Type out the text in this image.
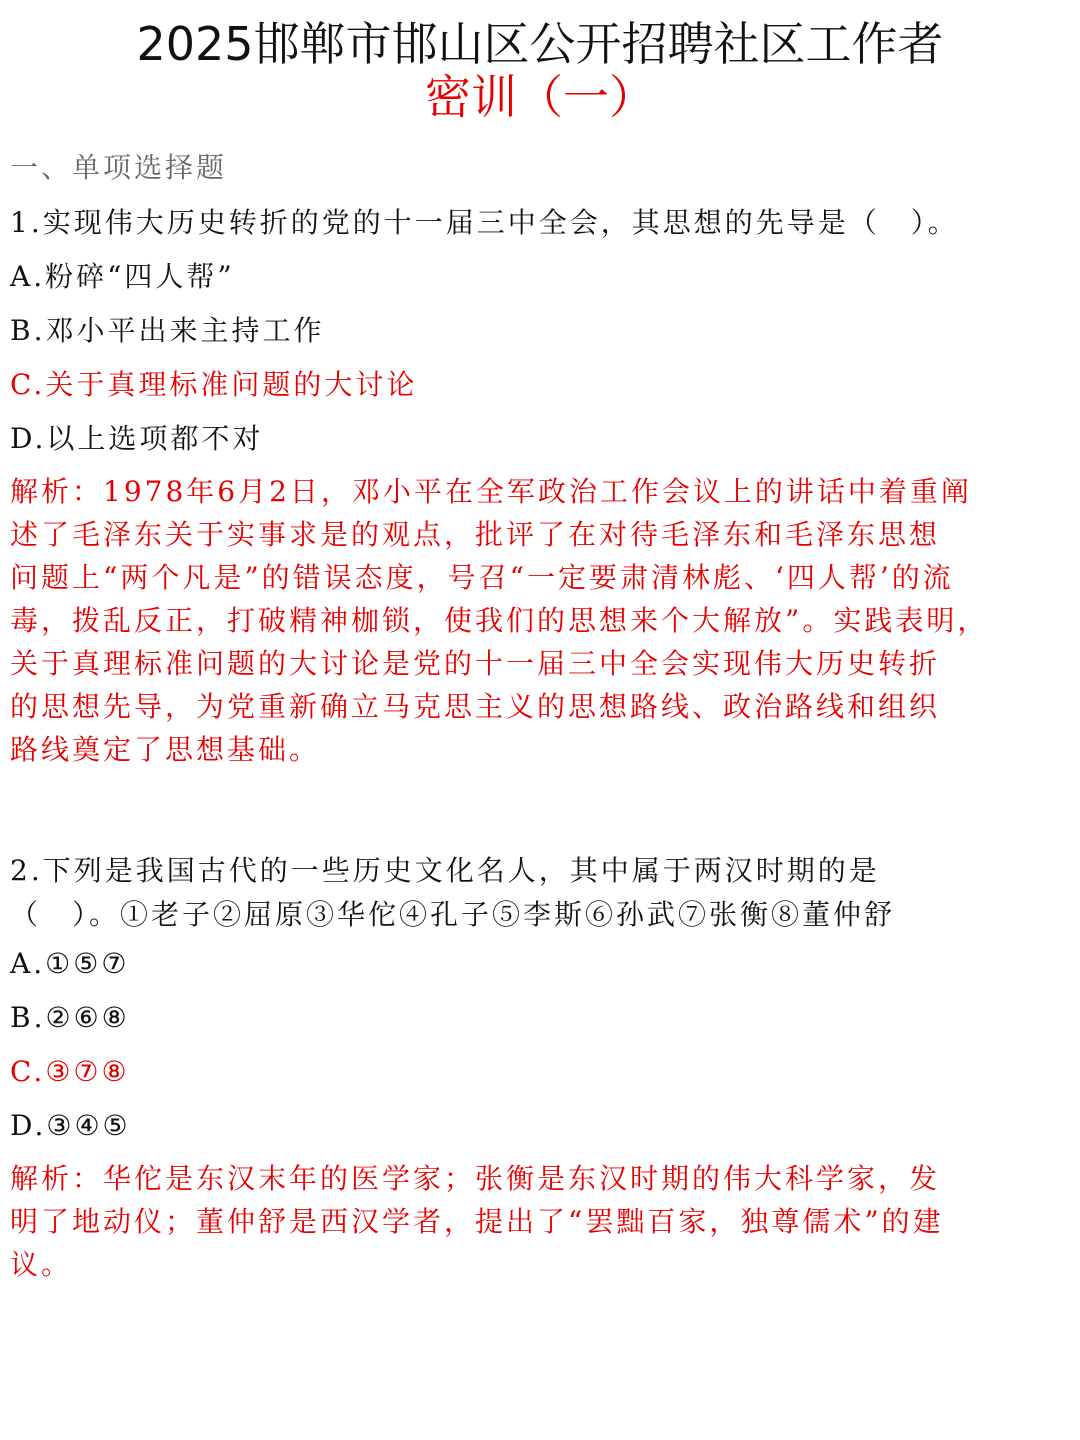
2025邯郸市邯山区公开招聘社区工作者
密训（一）

一、单项选择题

1.实现伟大历史转折的党的十一届三中全会，其思想的先导是（　）。
A.粉碎“四人帮”
B.邓小平出来主持工作
C.关于真理标准问题的大讨论
D.以上选项都不对
解析：1978年6月2日，邓小平在全军政治工作会议上的讲话中着重阐
述了毛泽东关于实事求是的观点，批评了在对待毛泽东和毛泽东思想
问题上“两个凡是”的错误态度，号召“一定要肃清林彪、‘四人帮’的流
毒，拨乱反正，打破精神枷锁，使我们的思想来个大解放”。实践表明，
关于真理标准问题的大讨论是党的十一届三中全会实现伟大历史转折
的思想先导，为党重新确立马克思主义的思想路线、政治路线和组织
路线奠定了思想基础。
2.下列是我国古代的一些历史文化名人，其中属于两汉时期的是
（　）。①老子②屈原③华佗④孔子⑤李斯⑥孙武⑦张衡⑧董仲舒
A.①⑤⑦
B.②⑥⑧
C.③⑦⑧
D.③④⑤
解析：华佗是东汉末年的医学家；张衡是东汉时期的伟大科学家，发
明了地动仪；董仲舒是西汉学者，提出了“罢黜百家，独尊儒术”的建
议。
